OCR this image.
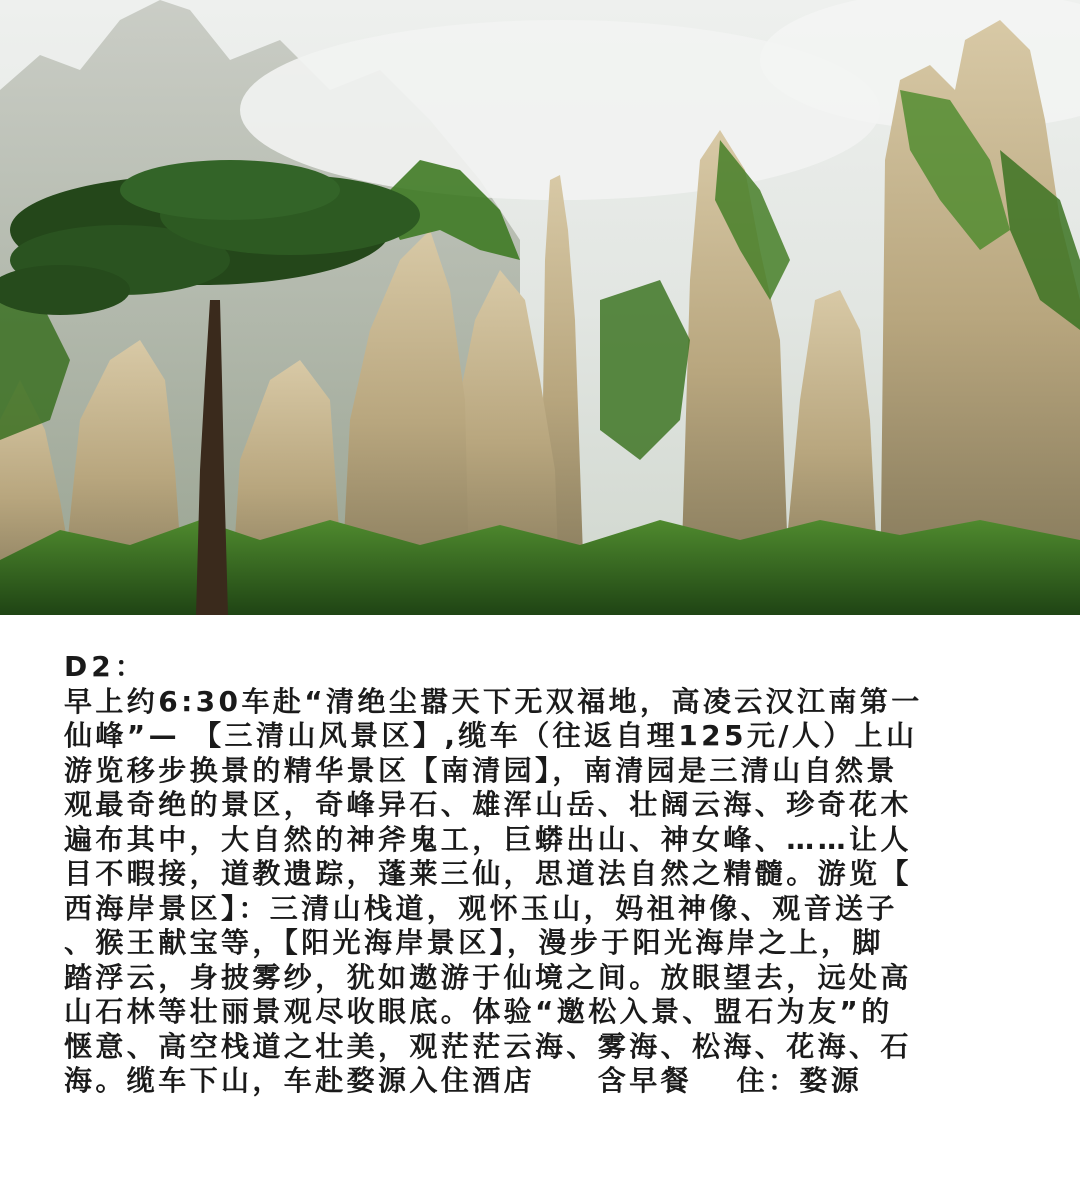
D2：
早上约6:30车赴“清绝尘嚣天下无双福地，高凌云汉江南第一
仙峰”— 【三清山风景区】,缆车（往返自理125元/人）上山
游览移步换景的精华景区【南清园】，南清园是三清山自然景
观最奇绝的景区，奇峰异石、雄浑山岳、壮阔云海、珍奇花木
遍布其中，大自然的神斧鬼工，巨蟒出山、神女峰、……让人
目不暇接，道教遗踪，蓬莱三仙，思道法自然之精髓。游览【
西海岸景区】：三清山栈道，观怀玉山，妈祖神像、观音送子
、猴王献宝等，【阳光海岸景区】，漫步于阳光海岸之上，脚
踏浮云，身披雾纱，犹如遨游于仙境之间。放眼望去，远处高
山石林等壮丽景观尽收眼底。体验“邀松入景、盟石为友”的
惬意、高空栈道之壮美，观茫茫云海、雾海、松海、花海、石
海。缆车下山，车赴婺源入住酒店　　含早餐　 住：婺源
